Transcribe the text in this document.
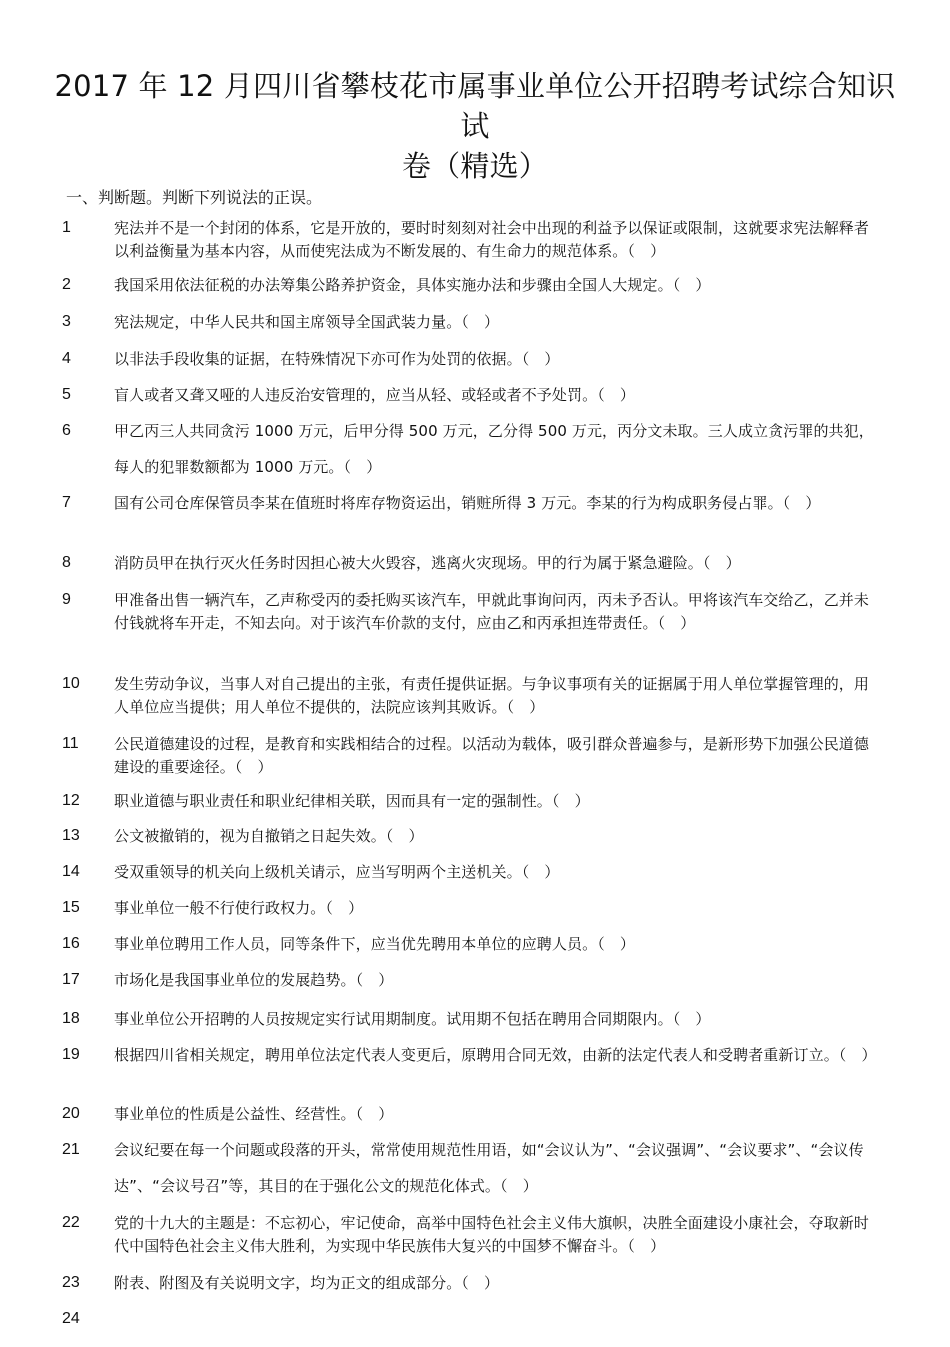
2017 年 12 月四川省攀枝花市属事业单位公开招聘考试综合知识试
卷（精选）
一、判断题。判断下列说法的正误。
1	宪法并不是一个封闭的体系，它是开放的，要时时刻刻对社会中出现的利益予以保证或限制，这就要求宪法解释者以利益衡量为基本内容，从而使宪法成为不断发展的、有生命力的规范体系。（　）
2	我国采用依法征税的办法筹集公路养护资金，具体实施办法和步骤由全国人大规定。（　）
3	宪法规定，中华人民共和国主席领导全国武装力量。（　）
4	以非法手段收集的证据，在特殊情况下亦可作为处罚的依据。（　）
5	盲人或者又聋又哑的人违反治安管理的，应当从轻、或轻或者不予处罚。（　）
6	甲乙丙三人共同贪污 1000 万元，后甲分得 500 万元，乙分得 500 万元，丙分文未取。三人成立贪污罪的共犯，每人的犯罪数额都为 1000 万元。（　）
7	国有公司仓库保管员李某在值班时将库存物资运出，销赃所得 3 万元。李某的行为构成职务侵占罪。（　）
8	消防员甲在执行灭火任务时因担心被大火毁容，逃离火灾现场。甲的行为属于紧急避险。（　）
9	甲准备出售一辆汽车，乙声称受丙的委托购买该汽车，甲就此事询问丙，丙未予否认。甲将该汽车交给乙，乙并未付钱就将车开走，不知去向。对于该汽车价款的支付，应由乙和丙承担连带责任。（　）
10 发生劳动争议，当事人对自己提出的主张，有责任提供证据。与争议事项有关的证据属于用人单位掌握管理的，用人单位应当提供；用人单位不提供的，法院应该判其败诉。（　）
11 公民道德建设的过程，是教育和实践相结合的过程。以活动为载体，吸引群众普遍参与，是新形势下加强公民道德建设的重要途径。（　）
12 职业道德与职业责任和职业纪律相关联，因而具有一定的强制性。（　）
13 公文被撤销的，视为自撤销之日起失效。（　）
14 受双重领导的机关向上级机关请示，应当写明两个主送机关。（　）
15 事业单位一般不行使行政权力。（　）
16 事业单位聘用工作人员，同等条件下，应当优先聘用本单位的应聘人员。（　）
17 市场化是我国事业单位的发展趋势。（　）
18 事业单位公开招聘的人员按规定实行试用期制度。试用期不包括在聘用合同期限内。（　）
19 根据四川省相关规定，聘用单位法定代表人变更后，原聘用合同无效，由新的法定代表人和受聘者重新订立。（　）
20 事业单位的性质是公益性、经营性。（　）
21 会议纪要在每一个问题或段落的开头，常常使用规范性用语，如“会议认为”、“会议强调”、“会议要求”、“会议传达”、“会议号召”等，其目的在于强化公文的规范化体式。（　）
22 党的十九大的主题是：不忘初心，牢记使命，高举中国特色社会主义伟大旗帜，决胜全面建设小康社会，夺取新时代中国特色社会主义伟大胜利，为实现中华民族伟大复兴的中国梦不懈奋斗。（　）
23 附表、附图及有关说明文字，均为正文的组成部分。（　）
24
